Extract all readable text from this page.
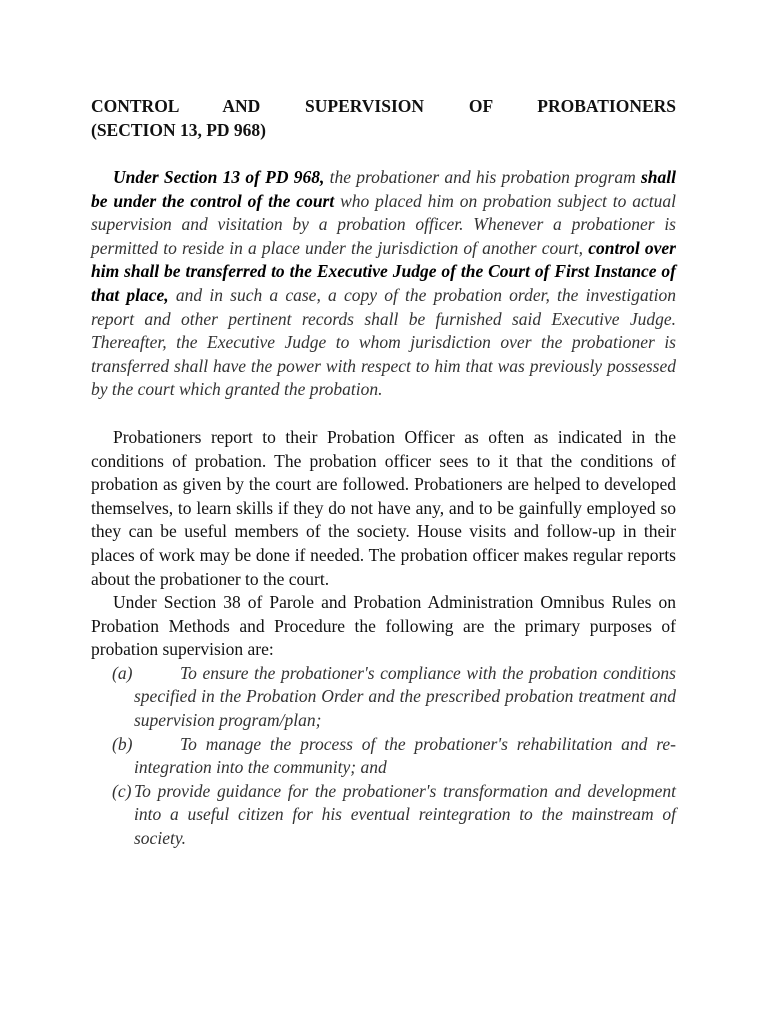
CONTROL AND SUPERVISION OF PROBATIONERS

(SECTION 13, PD 968)

Under Section 13 of PD 968, the probationer and his probation program shall be under the control of the court who placed him on probation subject to actual supervision and visitation by a probation officer. Whenever a probationer is permitted to reside in a place under the jurisdiction of another court, control over him shall be transferred to the Executive Judge of the Court of First Instance of that place, and in such a case, a copy of the probation order, the investigation report and other pertinent records shall be furnished said Executive Judge. Thereafter, the Executive Judge to whom jurisdiction over the probationer is transferred shall have the power with respect to him that was previously possessed by the court which granted the probation.

Probationers report to their Probation Officer as often as indicated in the conditions of probation. The probation officer sees to it that the conditions of probation as given by the court are followed. Probationers are helped to developed themselves, to learn skills if they do not have any, and to be gainfully employed so they can be useful members of the society. House visits and follow-up in their places of work may be done if needed. The probation officer makes regular reports about the probationer to the court.

Under Section 38 of Parole and Probation Administration Omnibus Rules on Probation Methods and Procedure the following are the primary purposes of probation supervision are:

(a)	To ensure the probationer's compliance with the probation conditions specified in the Probation Order and the prescribed probation treatment and supervision program/plan;
(b)	To manage the process of the probationer's rehabilitation and re-integration into the community; and
(c) To provide guidance for the probationer's transformation and development into a useful citizen for his eventual reintegration to the mainstream of society.
